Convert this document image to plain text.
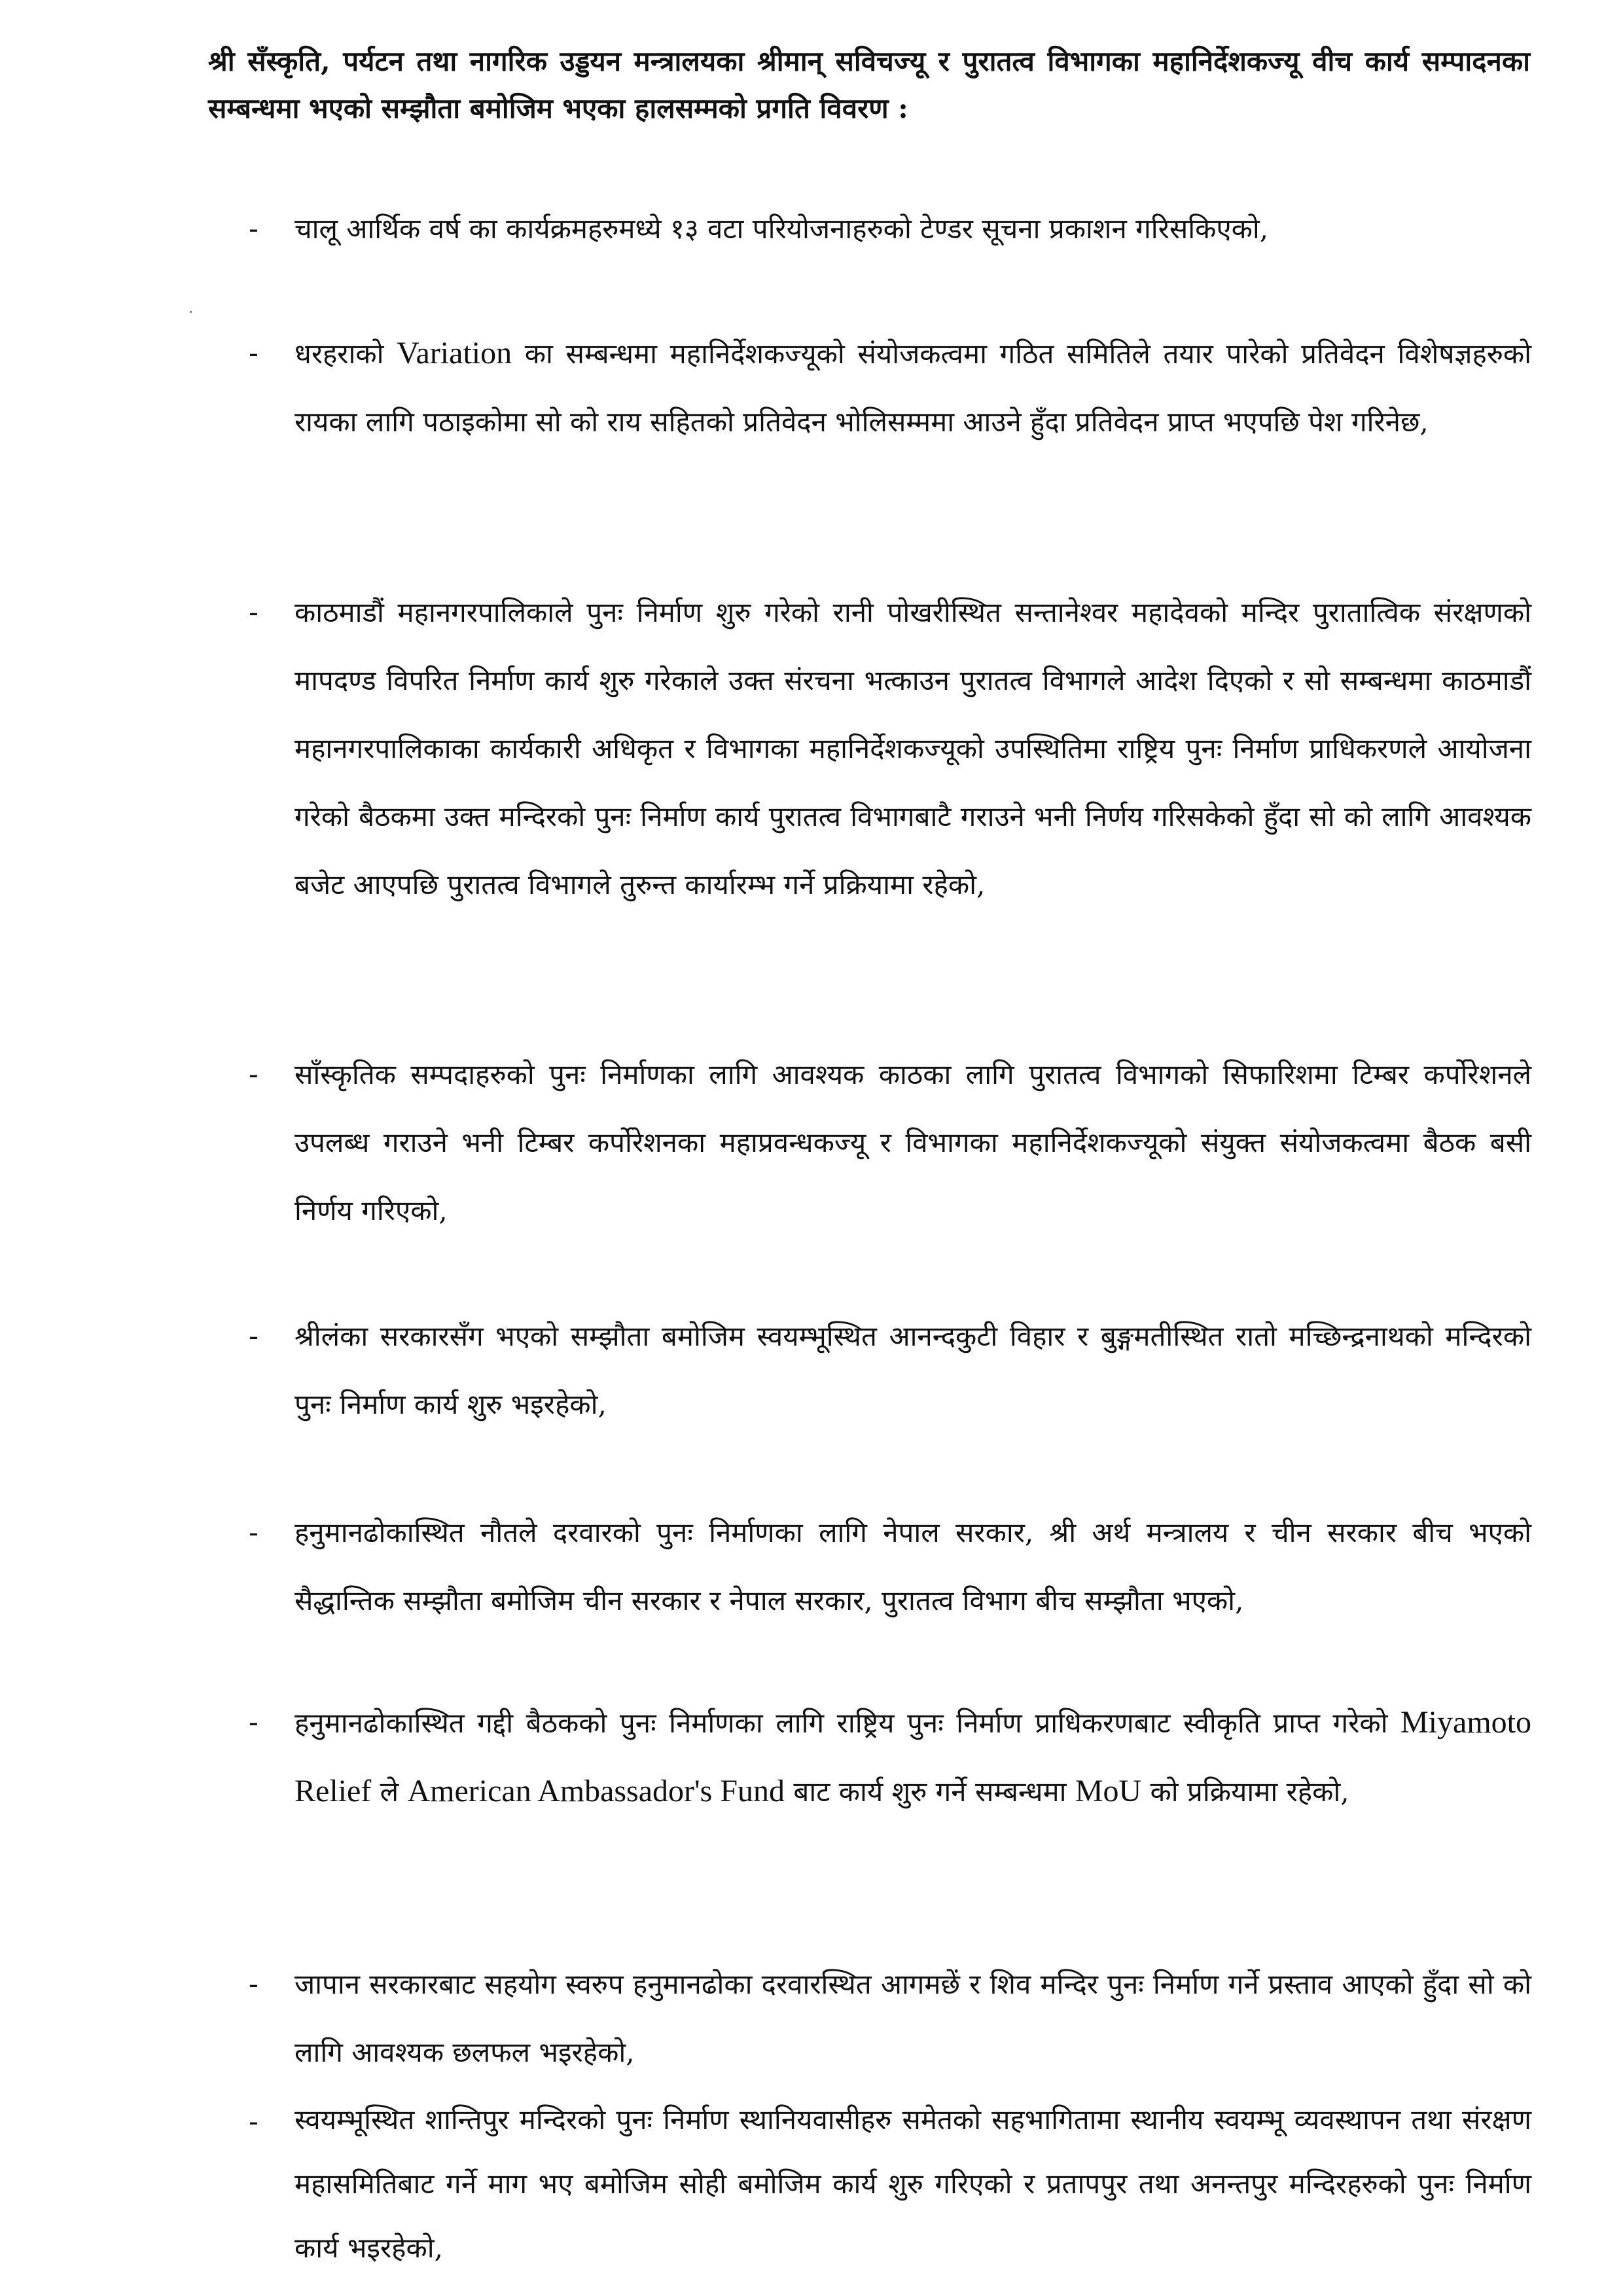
श्री सँस्कृति, पर्यटन तथा नागरिक उड्डयन मन्त्रालयका श्रीमान् सविचज्यू र पुरातत्व विभागका महानिर्देशकज्यू वीच कार्य सम्पादनका सम्बन्धमा भएको सम्झौता बमोजिम भएका हालसम्मको प्रगति विवरण :
-	चालू आर्थिक वर्ष का कार्यक्रमहरुमध्ये १३ वटा परियोजनाहरुको टेण्डर सूचना प्रकाशन गरिसकिएको,
-	धरहराको Variation का सम्बन्धमा महानिर्देशकज्यूको संयोजकत्वमा गठित समितिले तयार पारेको प्रतिवेदन विशेषज्ञहरुको रायका लागि पठाइकोमा सो को राय सहितको प्रतिवेदन भोलिसम्ममा आउने हुँदा प्रतिवेदन प्राप्त भएपछि पेश गरिनेछ,
-	काठमाडौं महानगरपालिकाले पुनः निर्माण शुरु गरेको रानी पोखरीस्थित सन्तानेश्वर महादेवको मन्दिर पुरातात्विक संरक्षणको मापदण्ड विपरित निर्माण कार्य शुरु गरेकाले उक्त संरचना भत्काउन पुरातत्व विभागले आदेश दिएको र सो सम्बन्धमा काठमाडौं महानगरपालिकाका कार्यकारी अधिकृत र विभागका महानिर्देशकज्यूको उपस्थितिमा राष्ट्रिय पुनः निर्माण प्राधिकरणले आयोजना गरेको बैठकमा उक्त मन्दिरको पुनः निर्माण कार्य पुरातत्व विभागबाटै गराउने भनी निर्णय गरिसकेको हुँदा सो को लागि आवश्यक बजेट आएपछि पुरातत्व विभागले तुरुन्त कार्यारम्भ गर्ने प्रक्रियामा रहेको,
-	साँस्कृतिक सम्पदाहरुको पुनः निर्माणका लागि आवश्यक काठका लागि पुरातत्व विभागको सिफारिशमा टिम्बर कर्पोरेशनले उपलब्ध गराउने भनी टिम्बर कर्पोरेशनका महाप्रवन्धकज्यू र विभागका महानिर्देशकज्यूको संयुक्त संयोजकत्वमा बैठक बसी निर्णय गरिएको,
-	श्रीलंका सरकारसँग भएको सम्झौता बमोजिम स्वयम्भूस्थित आनन्दकुटी विहार र बुङ्गमतीस्थित रातो मच्छिन्द्रनाथको मन्दिरको पुनः निर्माण कार्य शुरु भइरहेको,
-	हनुमानढोकास्थित नौतले दरवारको पुनः निर्माणका लागि नेपाल सरकार, श्री अर्थ मन्त्रालय र चीन सरकार बीच भएको सैद्धान्तिक सम्झौता बमोजिम चीन सरकार र नेपाल सरकार, पुरातत्व विभाग बीच सम्झौता भएको,
-	हनुमानढोकास्थित गद्दी बैठकको पुनः निर्माणका लागि राष्ट्रिय पुनः निर्माण प्राधिकरणबाट स्वीकृति प्राप्त गरेको Miyamoto Relief ले American Ambassador's Fund बाट कार्य शुरु गर्ने सम्बन्धमा MoU को प्रक्रियामा रहेको,
-	जापान सरकारबाट सहयोग स्वरुप हनुमानढोका दरवारस्थित आगमछें र शिव मन्दिर पुनः निर्माण गर्ने प्रस्ताव आएको हुँदा सो को लागि आवश्यक छलफल भइरहेको,
-	स्वयम्भूस्थित शान्तिपुर मन्दिरको पुनः निर्माण स्थानियवासीहरु समेतको सहभागितामा स्थानीय स्वयम्भू व्यवस्थापन तथा संरक्षण महासमितिबाट गर्ने माग भए बमोजिम सोही बमोजिम कार्य शुरु गरिएको र प्रतापपुर तथा अनन्तपुर मन्दिरहरुको पुनः निर्माण कार्य भइरहेको,
